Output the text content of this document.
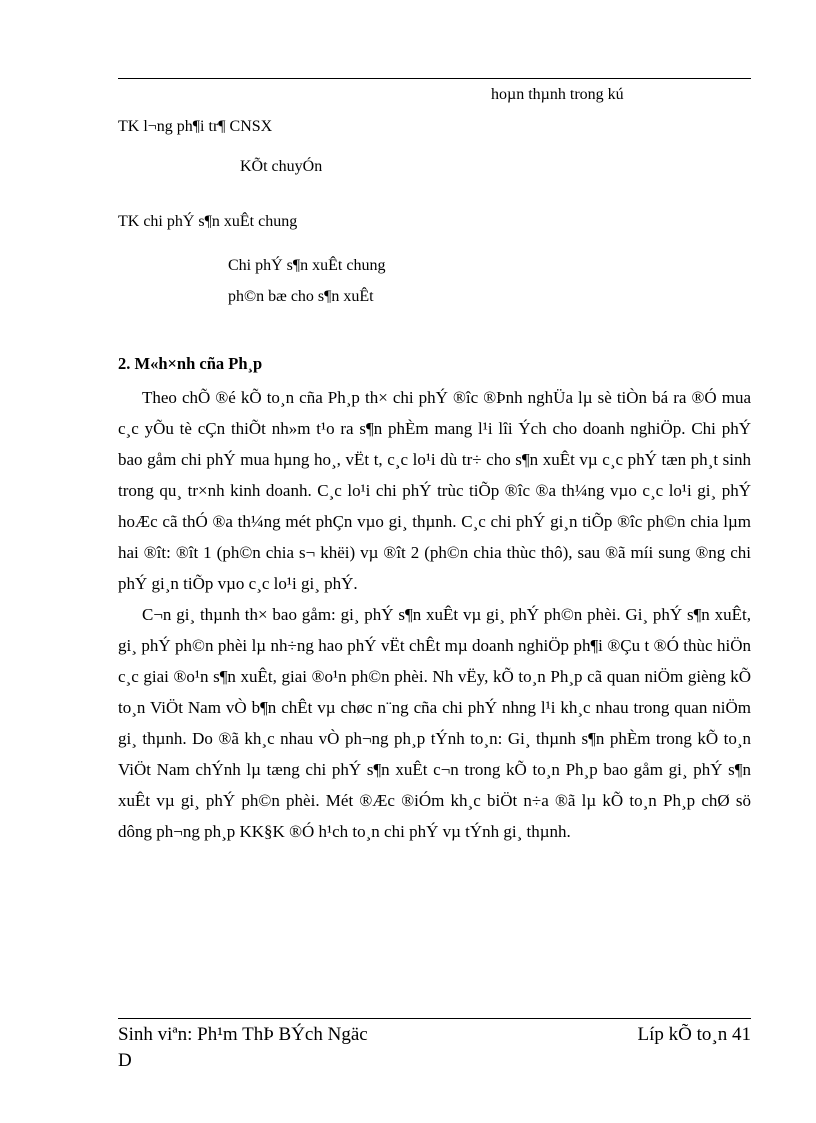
hoµn thµnh trong kú
TK l¬ng ph¶i tr¶ CNSX
KÕt chuyÓn
TK chi phÝ s¶n xuÊt chung
Chi phÝ s¶n xuÊt chung
ph©n bæ cho s¶n xuÊt
2. M«h×nh cña Ph¸p

Theo chÕ ®é kÕ to¸n cña Ph¸p th× chi phÝ ®îc ®Þnh nghÜa lµ sè tiÒn bá ra ®Ó mua c¸c yÕu tè cÇn thiÕt nh»m t¹o ra s¶n phÈm mang l¹i lîi Ých cho doanh nghiÖp. Chi phÝ bao gåm chi phÝ mua hµng ho¸, vËt t, c¸c lo¹i dù tr÷ cho s¶n xuÊt vµ c¸c phÝ tæn ph¸t sinh trong qu¸ tr×nh kinh doanh. C¸c lo¹i chi phÝ trùc tiÕp ®îc ®a th¼ng vµo c¸c lo¹i gi¸ phÝ hoÆc cã thÓ ®a th¼ng mét phÇn vµo gi¸ thµnh. C¸c chi phÝ gi¸n tiÕp ®îc ph©n chia lµm hai ®ît: ®ît 1 (ph©n chia s¬ khëi) vµ ®ît 2 (ph©n chia thùc thô), sau ®ã míi sung ®ng chi phÝ gi¸n tiÕp vµo c¸c lo¹i gi¸ phÝ.

C¬n gi¸ thµnh th× bao gåm: gi¸ phÝ s¶n xuÊt vµ gi¸ phÝ ph©n phèi. Gi¸ phÝ s¶n xuÊt, gi¸ phÝ ph©n phèi lµ nh÷ng hao phÝ vËt chÊt mµ doanh nghiÖp ph¶i ®Çu t ®Ó thùc hiÖn c¸c giai ®o¹n s¶n xuÊt, giai ®o¹n ph©n phèi. Nh vËy, kÕ to¸n Ph¸p cã quan niÖm gièng kÕ to¸n ViÖt Nam vÒ b¶n chÊt vµ chøc n¨ng cña chi phÝ nhng l¹i kh¸c nhau trong quan niÖm gi¸ thµnh. Do ®ã kh¸c nhau vÒ ph¬ng ph¸p tÝnh to¸n: Gi¸ thµnh s¶n phÈm trong kÕ to¸n ViÖt Nam chÝnh lµ tæng chi phÝ s¶n xuÊt c¬n trong kÕ to¸n Ph¸p bao gåm gi¸ phÝ s¶n xuÊt vµ gi¸ phÝ ph©n phèi. Mét ®Æc ®iÓm kh¸c biÖt n÷a ®ã lµ kÕ to¸n Ph¸p chØ sö dông ph¬ng ph¸p KK§K ®Ó h¹ch to¸n chi phÝ vµ tÝnh gi¸ thµnh.

Sinh viªn: Ph¹m ThÞ BÝch Ngäc	Líp kÕ to¸n 41
D
